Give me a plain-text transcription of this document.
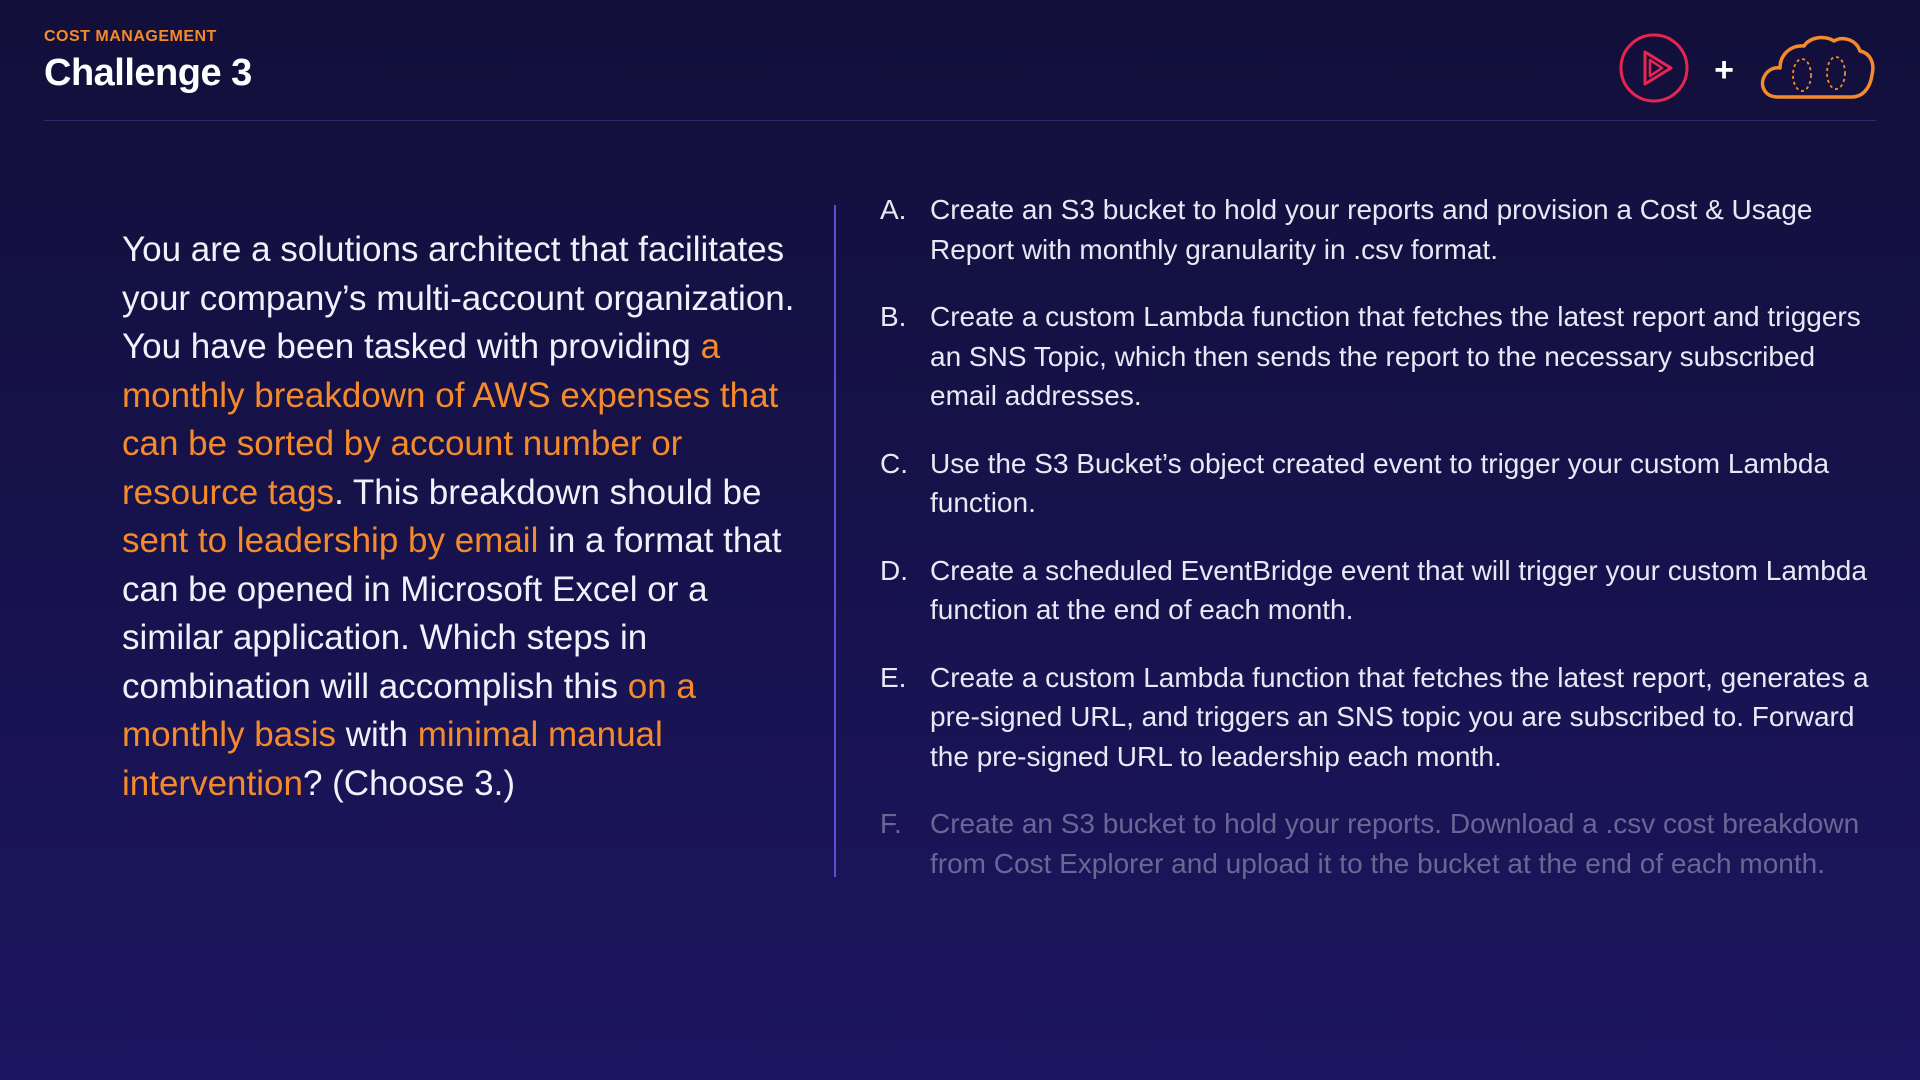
COST MANAGEMENT
Challenge 3	+
You are a solutions architect that facilitates your company’s multi-account organization. You have been tasked with providing a monthly breakdown of AWS expenses that can be sorted by account number or resource tags. This breakdown should be sent to leadership by email in a format that can be opened in Microsoft Excel or a similar application. Which steps in combination will accomplish this on a monthly basis with minimal manual intervention? (Choose 3.)
A. Create an S3 bucket to hold your reports and provision a Cost & Usage Report with monthly granularity in .csv format.
B. Create a custom Lambda function that fetches the latest report and triggers an SNS Topic, which then sends the report to the necessary subscribed email addresses.
C. Use the S3 Bucket’s object created event to trigger your custom Lambda function.
D. Create a scheduled EventBridge event that will trigger your custom Lambda function at the end of each month.
E. Create a custom Lambda function that fetches the latest report, generates a pre-signed URL, and triggers an SNS topic you are subscribed to. Forward the pre-signed URL to leadership each month.
F.	Create an S3 bucket to hold your reports. Download a .csv cost breakdown from Cost Explorer and upload it to the bucket at the end of each month.
